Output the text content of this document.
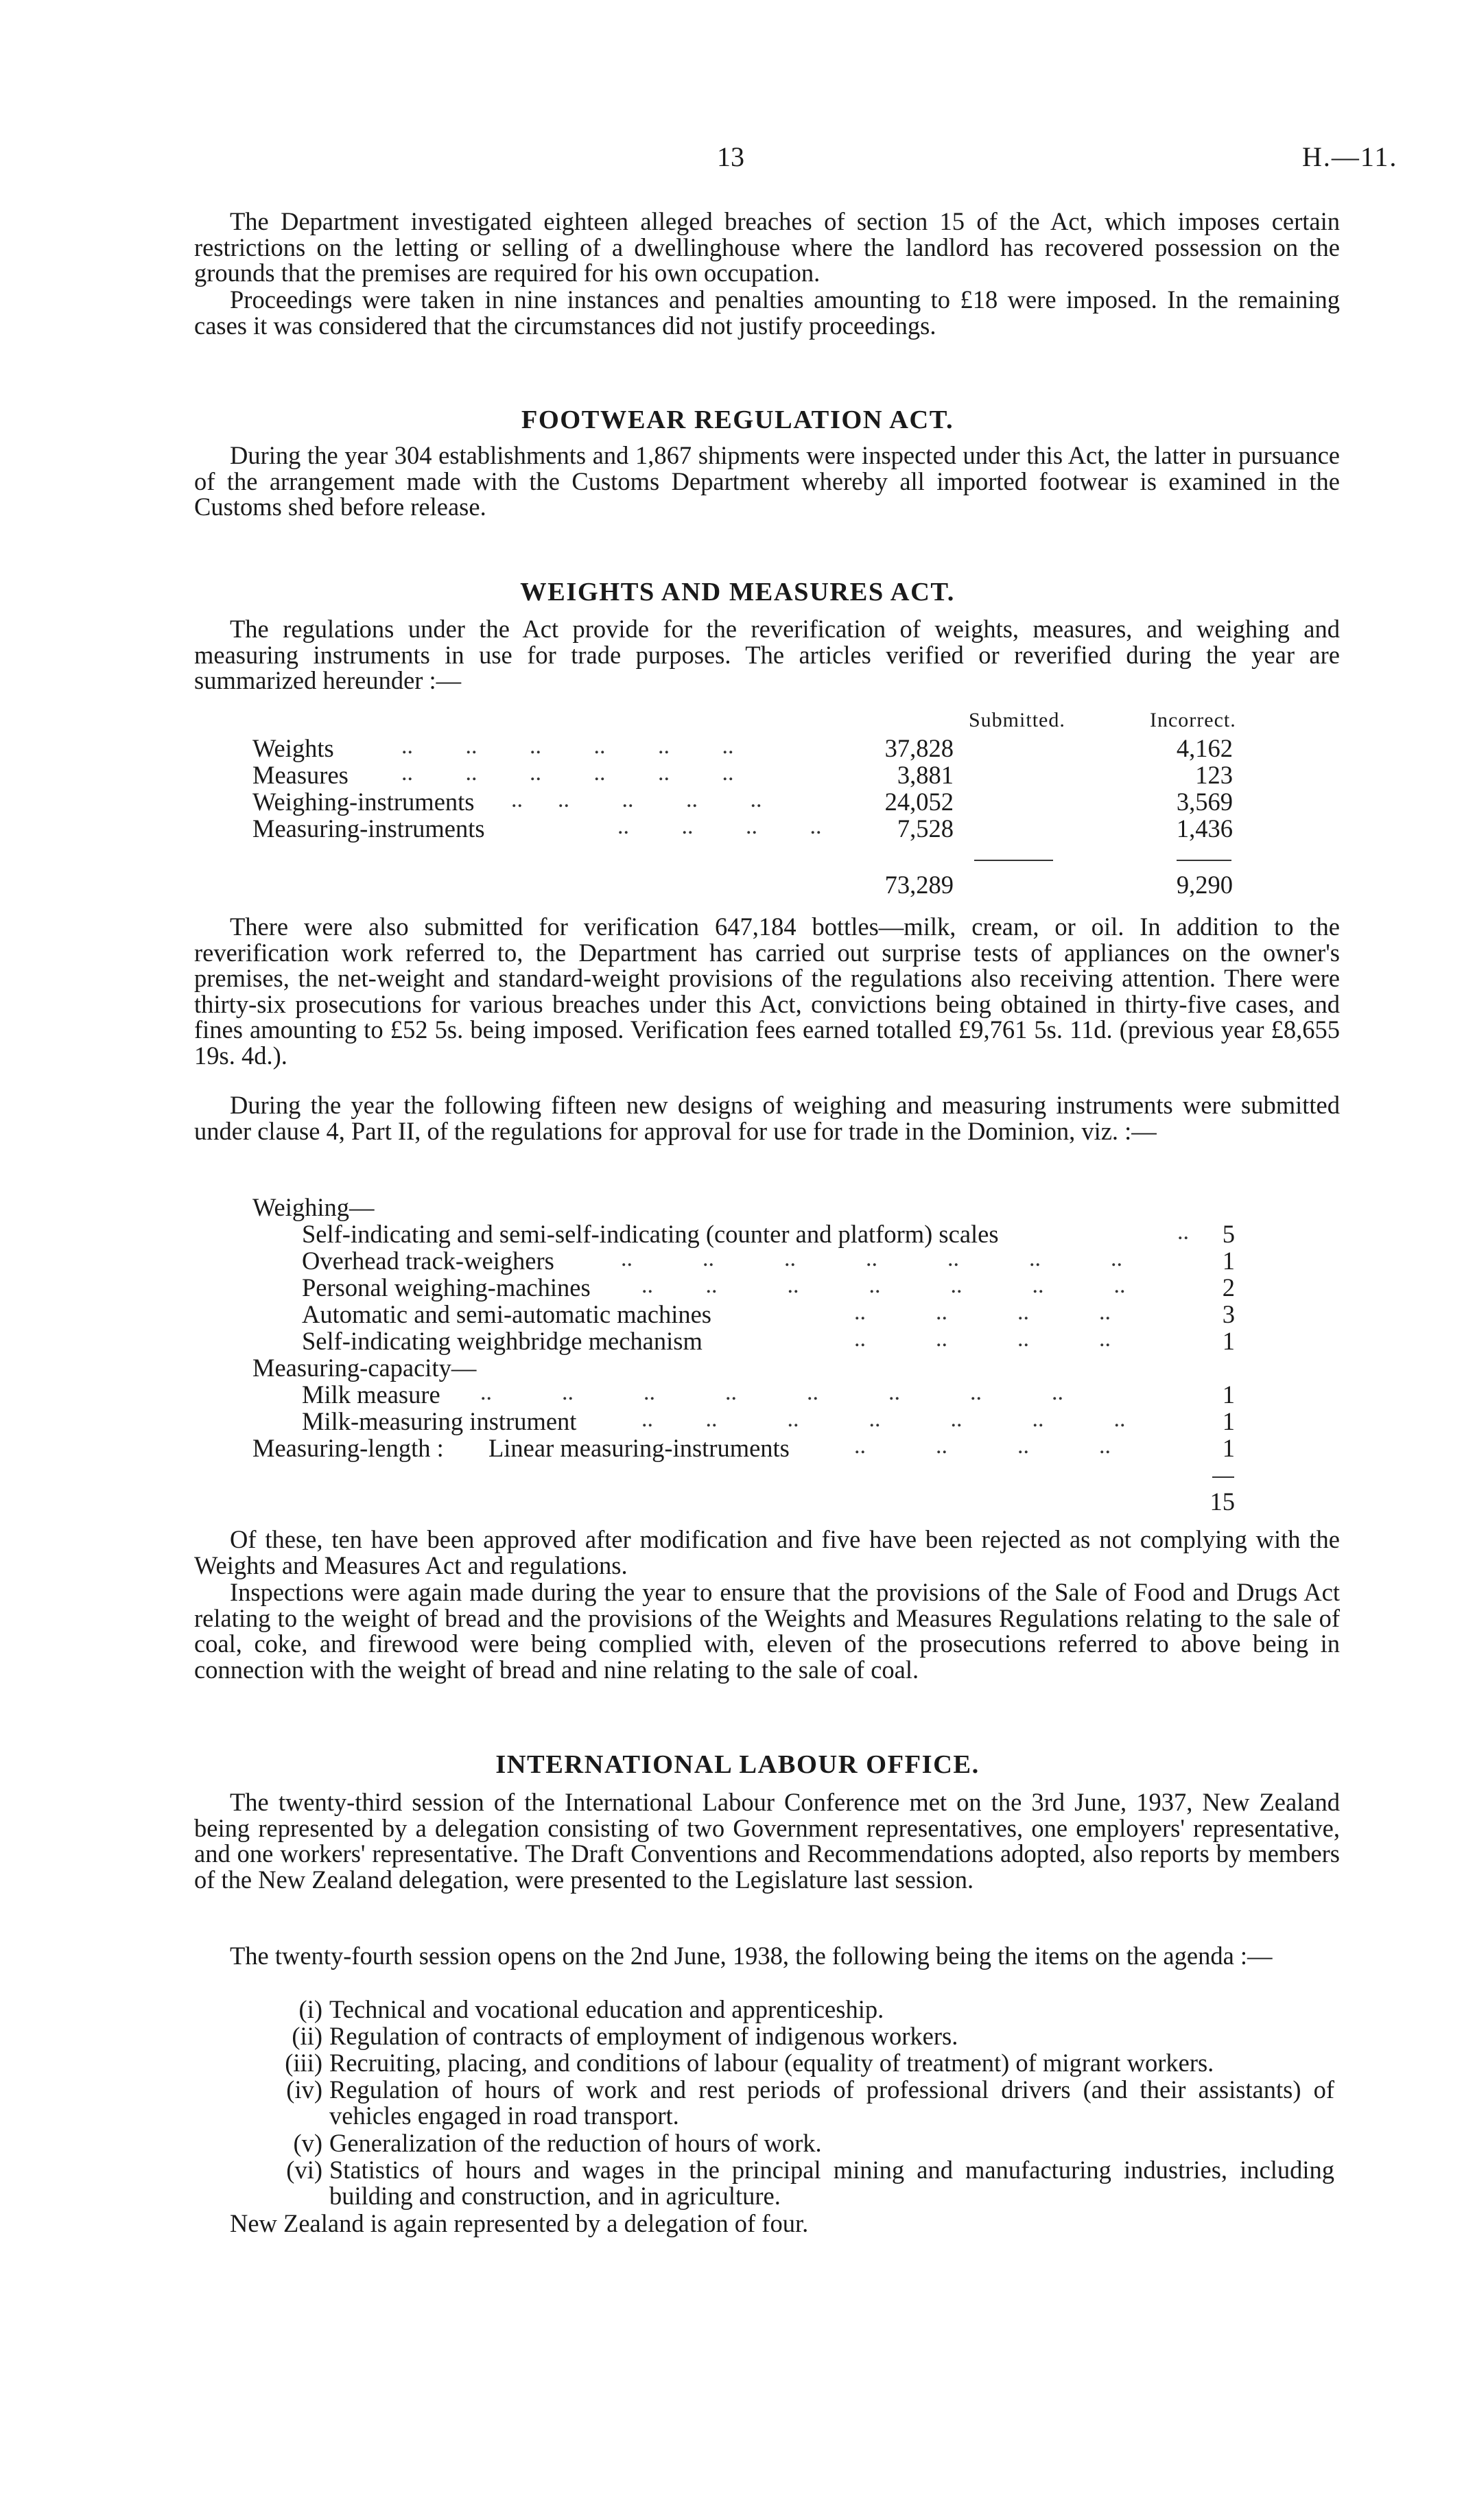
13	H.—11.

The Department investigated eighteen alleged breaches of section 15 of the Act, which imposes certain restrictions on the letting or selling of a dwellinghouse where the landlord has recovered possession on the grounds that the premises are required for his own occupation.

Proceedings were taken in nine instances and penalties amounting to £18 were imposed. In the remaining cases it was considered that the circumstances did not justify proceedings.

FOOTWEAR REGULATION ACT.

During the year 304 establishments and 1,867 shipments were inspected under this Act, the latter in pursuance of the arrangement made with the Customs Department whereby all imported footwear is examined in the Customs shed before release.

WEIGHTS AND MEASURES ACT.

The regulations under the Act provide for the reverification of weights, measures, and weighing and measuring instruments in use for trade purposes. The articles verified or reverified during the year are summarized hereunder :—

Submitted.	Incorrect.
Weights	..         ..         ..         ..         ..         ..	37,828	4,162
Measures ..         ..         ..         ..         ..         ..	3,881	123
Weighing-instruments ..      ..         ..         ..         ..	24,052	3,569
Measuring-instruments	..         ..         ..         ..	7,528	1,436
73,289	9,290

There were also submitted for verification 647,184 bottles—milk, cream, or oil. In addition to the reverification work referred to, the Department has carried out surprise tests of appliances on the owner's premises, the net-weight and standard-weight provisions of the regulations also receiving attention. There were thirty-six prosecutions for various breaches under this Act, convictions being obtained in thirty-five cases, and fines amounting to £52 5s. being imposed. Verification fees earned totalled £9,761 5s. 11d. (previous year £8,655 19s. 4d.).

During the year the following fifteen new designs of weighing and measuring instruments were submitted under clause 4, Part II, of the regulations for approval for use for trade in the Dominion, viz. :—

Weighing—
Self-indicating and semi-self-indicating (counter and platform) scales	.. 5
Overhead track-weighers	..            ..            ..            ..            ..            ..            ..	1
Personal weighing-machines ..         ..            ..            ..            ..            ..            ..	2
Automatic and semi-automatic machines	..            ..            ..            ..	3
Self-indicating weighbridge mechanism	..            ..            ..            ..	1
Measuring-capacity—
Milk measure ..            ..            ..            ..            ..            ..            ..            ..	1
Milk-measuring instrument	..         ..            ..            ..            ..            ..            ..	1
Measuring-length : Linear measuring-instruments	..            ..            ..            ..	1
15

Of these, ten have been approved after modification and five have been rejected as not complying with the Weights and Measures Act and regulations.

Inspections were again made during the year to ensure that the provisions of the Sale of Food and Drugs Act relating to the weight of bread and the provisions of the Weights and Measures Regulations relating to the sale of coal, coke, and firewood were being complied with, eleven of the prosecutions referred to above being in connection with the weight of bread and nine relating to the sale of coal.

INTERNATIONAL LABOUR OFFICE.

The twenty-third session of the International Labour Conference met on the 3rd June, 1937, New Zealand being represented by a delegation consisting of two Government representatives, one employers' representative, and one workers' representative. The Draft Conventions and Recommendations adopted, also reports by members of the New Zealand delegation, were presented to the Legislature last session.

The twenty-fourth session opens on the 2nd June, 1938, the following being the items on the agenda :—

(i) Technical and vocational education and apprenticeship.
(ii) Regulation of contracts of employment of indigenous workers.
(iii) Recruiting, placing, and conditions of labour (equality of treatment) of migrant workers.
(iv) Regulation of hours of work and rest periods of professional drivers (and their assistants) of vehicles engaged in road transport.
(v) Generalization of the reduction of hours of work.
(vi) Statistics of hours and wages in the principal mining and manufacturing industries, including building and construction, and in agriculture.

New Zealand is again represented by a delegation of four.
